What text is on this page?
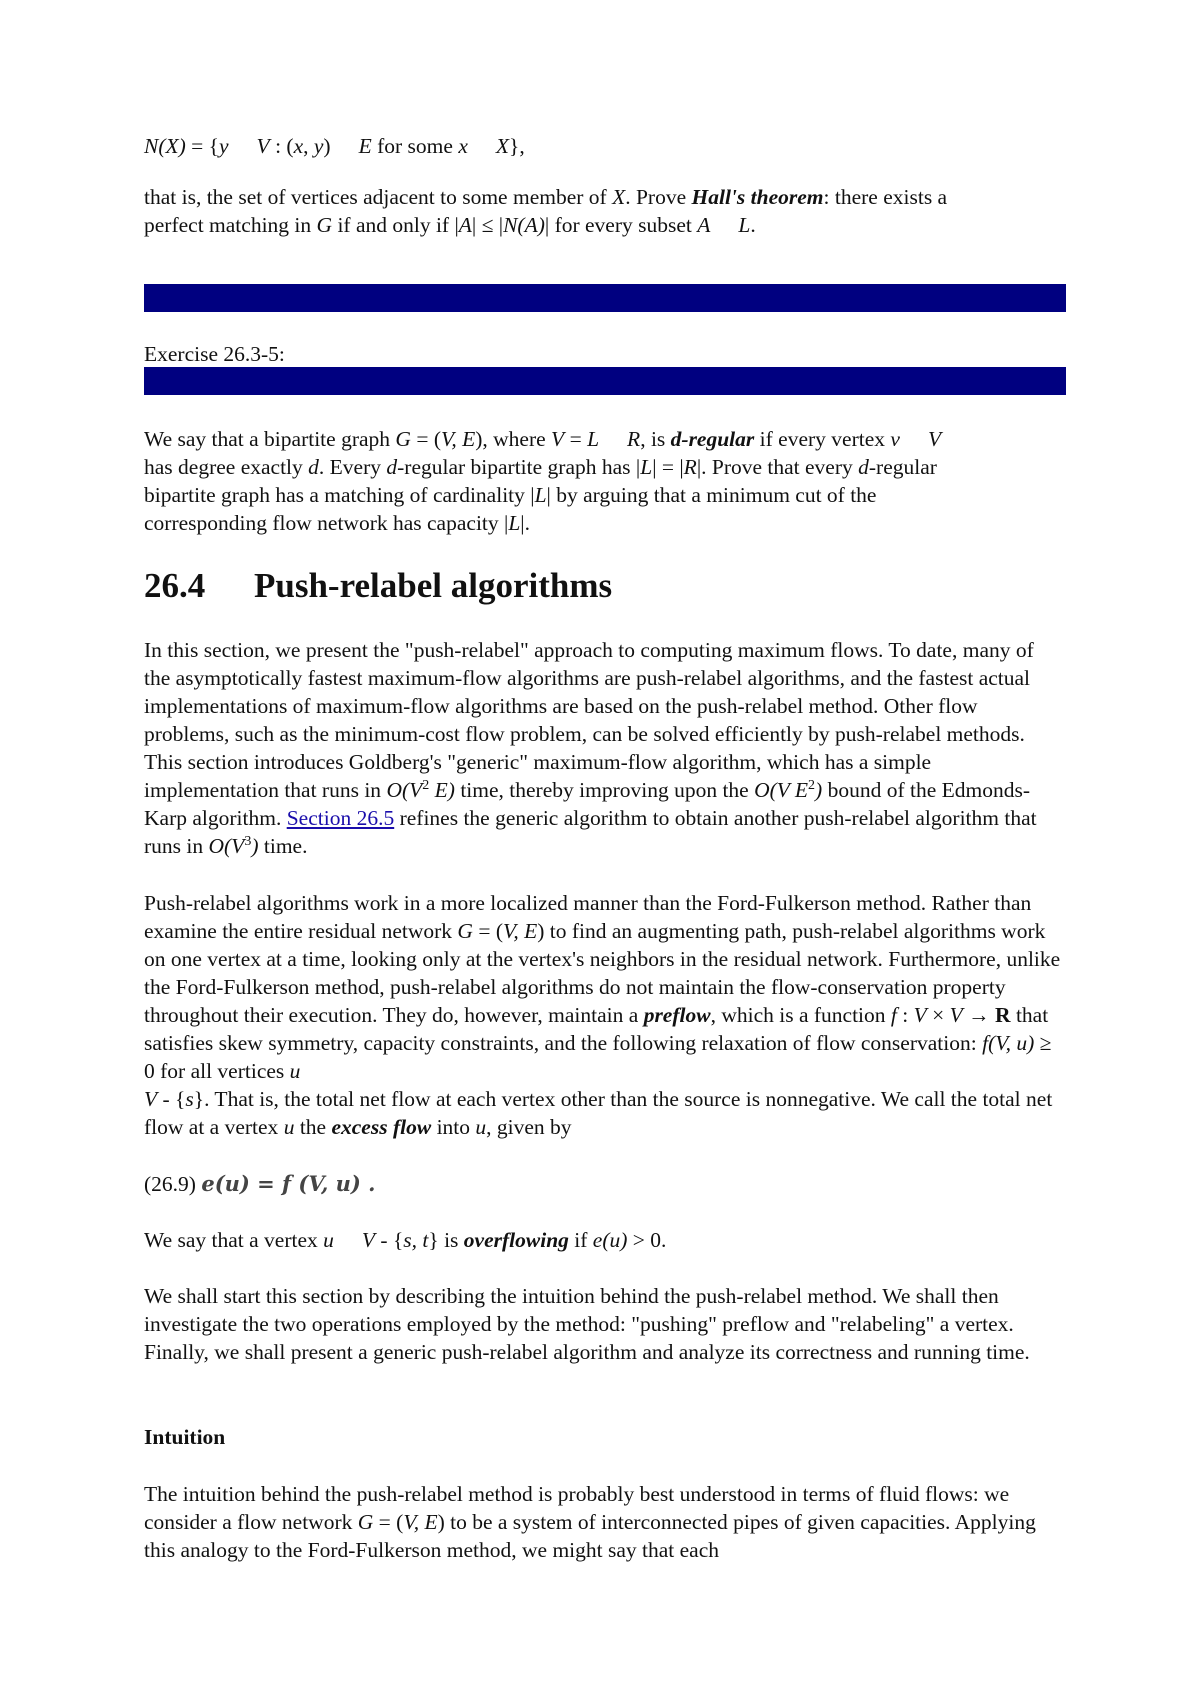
N(X) = {y V : (x, y) E for some x X},

that is, the set of vertices adjacent to some member of X. Prove Hall's theorem: there exists a
perfect matching in G if and only if |A| ≤ |N(A)| for every subset A L.

Exercise 26.3-5:

We say that a bipartite graph G = (V, E), where V = L R, is d-regular if every vertex v V
has degree exactly d. Every d-regular bipartite graph has |L| = |R|. Prove that every d-regular
bipartite graph has a matching of cardinality |L| by arguing that a minimum cut of the
corresponding flow network has capacity |L|.

26.4 Push-relabel algorithms

In this section, we present the "push-relabel" approach to computing maximum flows. To date, many of the asymptotically fastest maximum-flow algorithms are push-relabel algorithms, and the fastest actual implementations of maximum-flow algorithms are based on the push-relabel method. Other flow problems, such as the minimum-cost flow problem, can be solved efficiently by push-relabel methods. This section introduces Goldberg's "generic" maximum-flow algorithm, which has a simple implementation that runs in $O(V^2$ E) time, thereby improving upon the O(V $E^2$) bound of the Edmonds-Karp algorithm. Section 26.5 refines the generic algorithm to obtain another push-relabel algorithm that runs in $O(V^3)$ time.

Push-relabel algorithms work in a more localized manner than the Ford-Fulkerson method. Rather than examine the entire residual network G = (V, E) to find an augmenting path, push-relabel algorithms work on one vertex at a time, looking only at the vertex's neighbors in the residual network. Furthermore, unlike the Ford-Fulkerson method, push-relabel algorithms do not maintain the flow-conservation property throughout their execution. They do, however, maintain a preflow, which is a function f : V × V → R that satisfies skew symmetry, capacity constraints, and the following relaxation of flow conservation: f(V, u) ≥ 0 for all vertices u
V - {s}. That is, the total net flow at each vertex other than the source is nonnegative. We call the total net flow at a vertex u the excess flow into u, given by

(26.9) e(u) = f (V, u) .

We say that a vertex u V - {s, t} is overflowing if e(u) > 0.

We shall start this section by describing the intuition behind the push-relabel method. We shall then investigate the two operations employed by the method: "pushing" preflow and "relabeling" a vertex. Finally, we shall present a generic push-relabel algorithm and analyze its correctness and running time.

Intuition

The intuition behind the push-relabel method is probably best understood in terms of fluid flows: we consider a flow network G = (V, E) to be a system of interconnected pipes of given capacities. Applying this analogy to the Ford-Fulkerson method, we might say that each
